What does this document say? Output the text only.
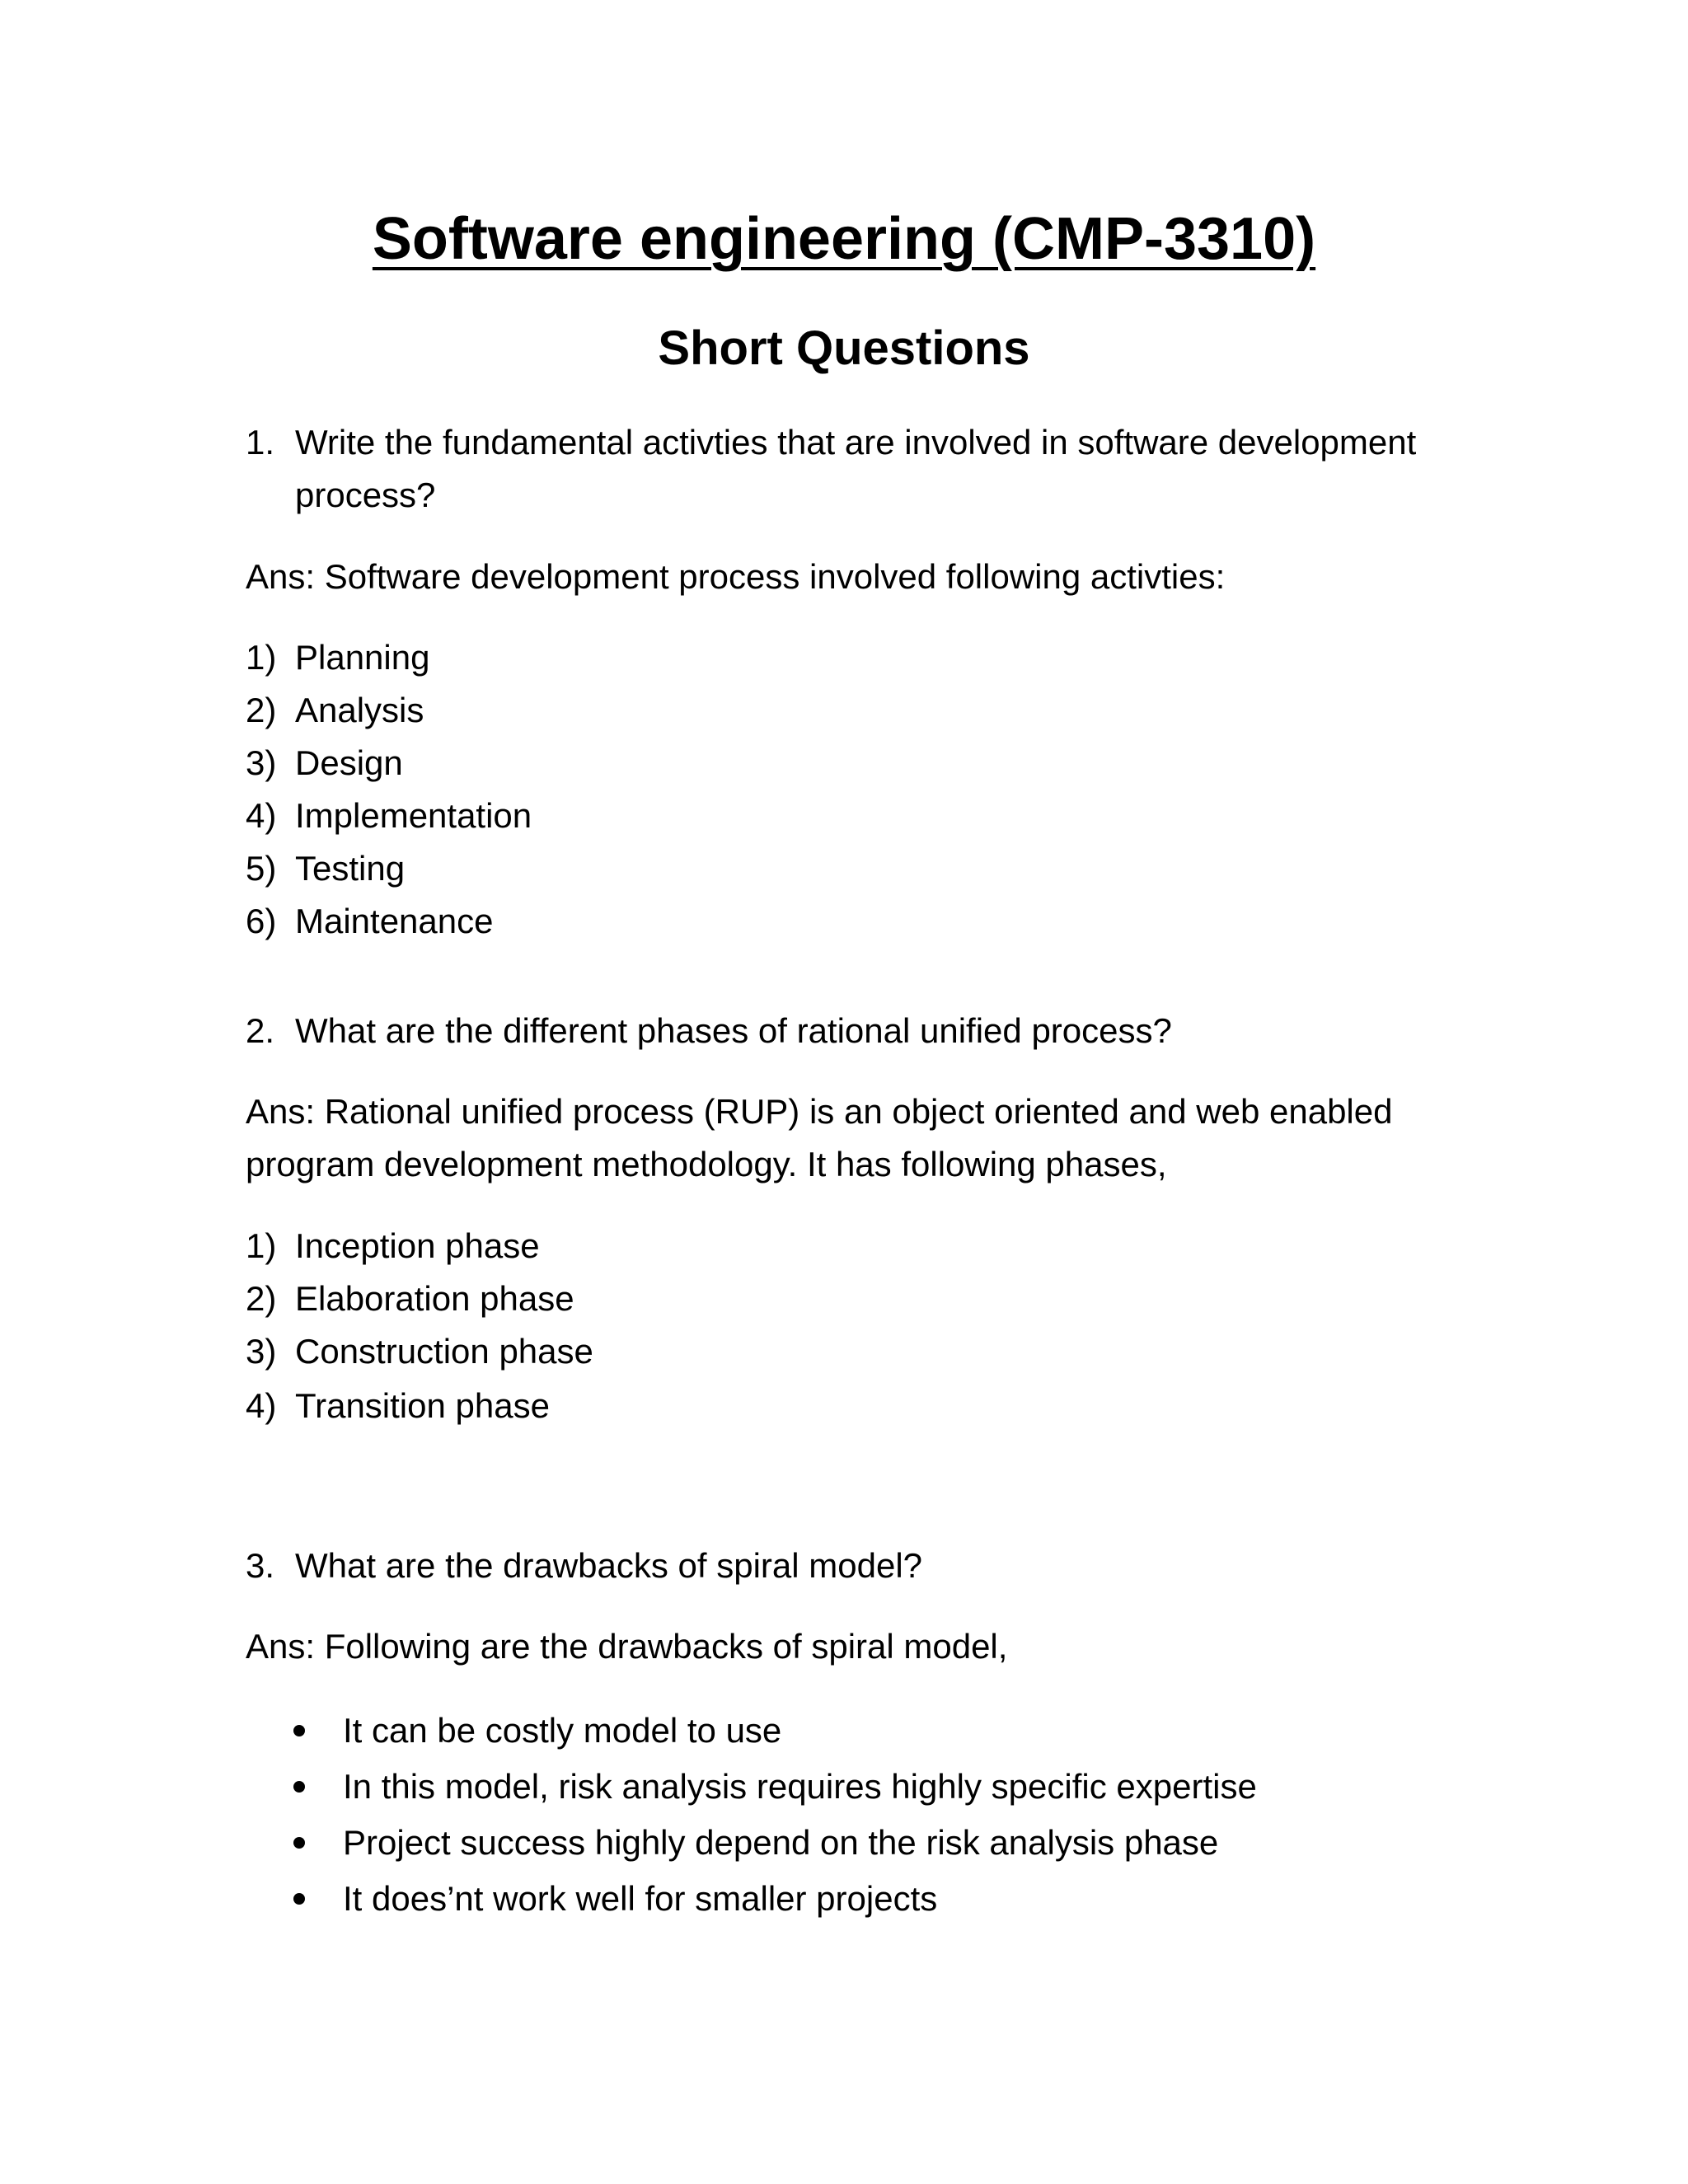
Software engineering (CMP-3310)
Short Questions
1. Write the fundamental activties that are involved in software development
process?
Ans: Software development process involved following activties:
1) Planning
2) Analysis
3) Design
4) Implementation
5) Testing
6) Maintenance
2. What are the different phases of rational unified process?
Ans: Rational unified process (RUP) is an object oriented and web enabled
program development methodology. It has following phases,
1) Inception phase
2) Elaboration phase
3) Construction phase
4) Transition phase
3. What are the drawbacks of spiral model?
Ans: Following are the drawbacks of spiral model,
It can be costly model to use
In this model, risk analysis requires highly specific expertise
Project success highly depend on the risk analysis phase
It does’nt work well for smaller projects
